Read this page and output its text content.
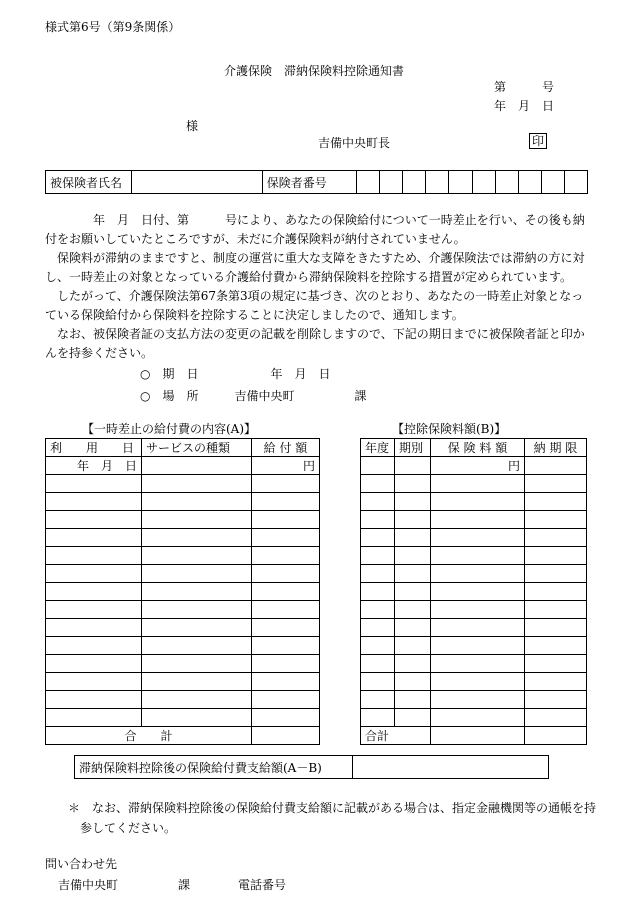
様式第6号（第9条関係）
介護保険　滞納保険料控除通知書
第　　　号
年　月　日
様
吉備中央町長	印
被保険者氏名		保険者番号										
　　　　年　月　日付、第　　　号により、あなたの保険給付について一時差止を行い、その後も納付をお願いしていたところですが、未だに介護保険料が納付されていません。
　保険料が滞納のままですと、制度の運営に重大な支障をきたすため、介護保険法では滞納の方に対し、一時差止の対象となっている介護給付費から滞納保険料を控除する措置が定められています。
　したがって、介護保険法第67条第3項の規定に基づき、次のとおり、あなたの一時差止対象となっている保険給付から保険料を控除することに決定しましたので、通知します。
　なお、被保険者証の支払方法の変更の記載を削除しますので、下記の期日までに被保険者証と印かんを持参ください。
○　期　日　　　　　　年　月　日
○　場　所　　　吉備中央町　　　　　課
【一時差止の給付費の内容(A)】	【控除保険料額(B)】
利　　用　　日	サービスの種類	給 付 額
年　月　日		円

合　　計		
年度	期別	保 険 料 額	納 期 限
		円	

合計			
滞納保険料控除後の保険給付費支給額(A－B)	
＊　なお、滞納保険料控除後の保険給付費支給額に記載がある場合は、指定金融機関等の通帳を持参してください。
問い合わせ先
吉備中央町　　　　　課　　　　電話番号
